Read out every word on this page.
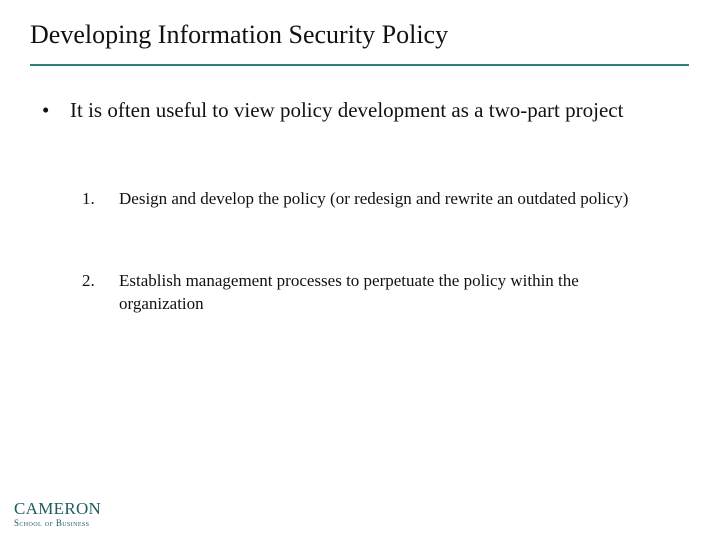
Developing Information Security Policy
• It is often useful to view policy development as a two-part project
1.	Design and develop the policy (or redesign and rewrite an outdated policy)
2.	Establish management processes to perpetuate the policy within the organization
CAMERON
School of Business
